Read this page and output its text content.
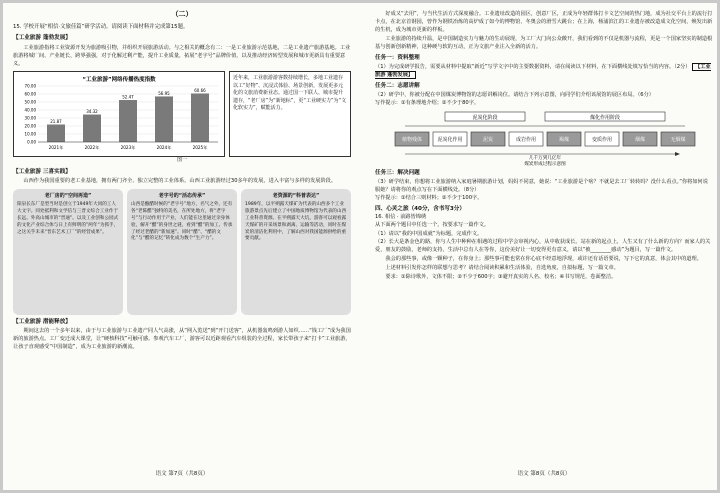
（二）
15. 学校开展“相信·文旅佳篇”研学活动。请阅读下面材料并完成第15题。
【工业旅游 蓬勃发展】
工业旅游指将工业资源开发为旅游吸引物，并组织开展旅游活动。与之相关的概念有二：一是工业旅游示范基地，二是工业遗产旅游基地。工业旅游将城厂间、产业链长，跨界强强，对于化解过剩产能，提升工业质量，拓展“老字号”品牌价值，以及推动经济转型发展和城市更新具有重要意义。
“工业旅游”网络传播热度指数
70.00
60.00
50.00
40.00
30.00
20.00
10.00
0.00
21.87
2021年
34.32
2022年
52.47
2023年
56.95
2024年
60.66
2025年
近年来，工业旅游游客数持续增长，多地工业遗存以工“好物”、沉浸式体验、场景创新，发展更多元化的文旅消费新业态。通过国一下联人、城市提升遗存，“老厂房”为“新地标”，更“工业硬实力”为“文化软实力”，赋能活力。
图一
【工业旅游 三喜实践】
山西作为我国重要的老工业基地，拥有两门齐全、独立完整的工业体系。山西工业旅游经过30多年的发展，进入丰富与多样的发展阶段。
老厂房的“空间再造”
阳泉长东厂是型当时是创立于1949年大同的工人大文字。同处抵利和文学信与三晋文综合工业作于长远。外高山城市的“晋通”。以及工业创和公园式的文化产业综合体与日上有鲜明的”两年“为抓手，之这关乎未来“晋东艺术工厂”的经营成果”。
老字号的“活态传承”
山西是酿醋时候的“老字号”地方，名气之外，还有各“老陈醋”独特的美名，在所处地方，将“老字号”与行动作用于产业，人们能在这里通过亲身体验，解开“醋”的身世之谜，看到“醋”的加工、传承了经过老醋的“新加速”。同时“醋”、“醋的文化”与“醋的记忆”转化成为数个“生产力”。
老资源的“科普表达”
1989年，以平朔露天煤矿为代表的山西多个工业旅游景点先后建立了中国地质博物馆为代表的山西工业科普资源。在平朔露天大坑，游客可以观看露天煤矿的开采场景和剥离、运输等活动，同时在煤炭的清洁化利用中，了解山西对我国能源供给的重要贡献。
【工业旅游 潜能释放】
期间这去的一个多年以来，由于与工业旅游与工业遗产同人气高涨，从“网入览送”到“开门送客”，从机器轰鸣到游人如织……“钱工厂”成为我国新的旅游热点。工厂变迁成大课堂，让“硬核科技”可触可感。参观汽车工厂，游客可以近距观看汽车组装的全过程，家长带孩子来“打卡”工业旅游，让孩子直观感受“中国制造”，成为工业旅游的新潮流。
语文 第7页（共8页）
好成又“去用”，与当代生活方式深度融合。工业遗址改造的园区，创意厂区，正成为年轻群体打卡文艺空间的热门地，成为社交平台上的流行打卡点，在北京首钢园，曾作为钢铁冶炼的高炉成了如今的博物馆、冬奥会的滑雪大跳台；在上海，杨浦滨江的工业遗存被改造成文化空间，焕发出新的生机，成为城市更新的样板。
工业旅游的持续升温，是中国制造实力与魅力的生动展现，为工厂大门向公众敞开，我们看到的不仅是机器与流程，更是一个国家坚实的制造根基与创新创新精神，这种硬与软的互动，正为文旅产业注入全新的活力。
任务一：资料整理
（1）为完成研学报告，需要从材料中提取“新近”写学文字中的主要数据资料，请在阅读以下材料，在下面横线处填写恰当的内容。（2分） 【工业旅游 蓬勃发展】
任务二：志愿讲解
（2）研学中，你被分配在中国煤炭博物馆的志愿讲解岗位。请结合下列示意图，向同学们介绍该展馆的展区布局。（6分）
写作提示：①有条理地介绍；②不少于80字。
泥炭化阶段	煤化作用阶段
植物残体	泥炭化作用	泥炭	成岩作用	褐煤	变质作用	烟煤	无烟煤
几千万到几亿年
煤炭形成过程示意图
任务三：解决问题
（3）研学结束，你想将工业旅游纳入家庭暑期旅游计划，妈妈不同意，她说：“工业旅游是个啥？不就是去工厂转转吗？没什么看点。”你将如何说服她？请将你的观点写在下面横线处。（8分）
写作提示：①结合三则材料；②不少于100字。
四、心灵之旅（40分，含书写3分）
16. 相信 · 前路皆锦绣
从下面两个题目中任选一个，按要求写一篇作文。
（1）请以“我的中国成就”为标题，完成作文。
（2）长大是条金色的路，你与人生中种种在相遇的过程中学会审视内心，从中收获成长。站在新的起点上，人生又有了什么新的方向？而家人的关爱，朋友的鼓励，老师的支持，生活中总有人在等你，这份美好让一切变得更有意义，请以“被________感动”为题目，写一篇作文。
我会的那些事，或像一颗种子，在你身上；那些事可能也常在你心底不经意地浮现，或许还有话语要说，写下它的真意，体会其中的道理。
上述材料引发你怎样的联想与思考？请结合阅读积累和生活体验，自选角度，自拟标题，写一篇文章。
要求：①除诗歌外，文体不限；②不少于600字；③避开真实的人名、校名；④书写规范，卷面整洁。
语文 第8页（共8页）
